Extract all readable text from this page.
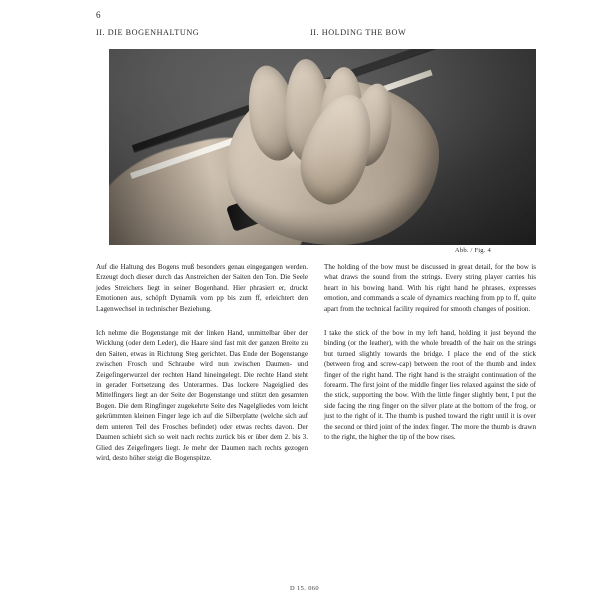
6
II. DIE BOGENHALTUNG	II. HOLDING THE BOW
Abb. / Fig. 4

Auf die Haltung des Bogens muß besonders genau eingegangen werden. Erzeugt doch dieser durch das Anstreichen der Saiten den Ton. Die Seele jedes Streichers liegt in seiner Bogenhand. Hier phrasiert er, druckt Emotionen aus, schöpft Dynamik vom pp bis zum ff, erleichtert den Lagenwechsel in technischer Beziehung.

Ich nehme die Bogenstange mit der linken Hand, unmittelbar über der Wicklung (oder dem Leder), die Haare sind fast mit der ganzen Breite zu den Saiten, etwas in Richtung Steg gerichtet. Das Ende der Bogenstange zwischen Frosch und Schraube wird nun zwischen Daumen- und Zeigefingerwurzel der rechten Hand hineingelegt. Die rechte Hand steht in gerader Fortsetzung des Unterarmes. Das lockere Nageiglied des Mittelfingers liegt an der Seite der Bogenstange und stützt den gesamten Bogen. Die dem Ringfinger zugekehrte Seite des Nagelgliedes vom leicht gekrümmten kleinen Finger lege ich auf die Silberplatte (welche sich auf dem unteren Teil des Frosches befindet) oder etwas rechts davon. Der Daumen schiebt sich so weit nach rechts zurück bis er über dem 2. bis 3. Glied des Zeigefingers liegt. Je mehr der Daumen nach rechts gezogen wird, desto höher steigt die Bogenspitze.

The holding of the bow must be discussed in great detail, for the bow is what draws the sound from the strings. Every string player carries his heart in his bowing hand. With his right hand he phrases, expresses emotion, and commands a scale of dynamics reaching from pp to ff, quite apart from the technical facility required for smooth changes of position.

I take the stick of the bow in my left hand, holding it just beyond the binding (or the leather), with the whole breadth of the hair on the strings but turned slightly towards the bridge. I place the end of the stick (between frog and screw-cap) between the root of the thumb and index finger of the right hand. The right hand is the straight continuation of the forearm. The first joint of the middle finger lies relaxed against the side of the stick, supporting the bow. With the little finger slightly bent, I put the side facing the ring finger on the silver plate at the bottom of the frog, or just to the right of it. The thumb is pushed toward the right until it is over the second or third joint of the index finger. The more the thumb is drawn to the right, the higher the tip of the bow rises.

D 15. 060
